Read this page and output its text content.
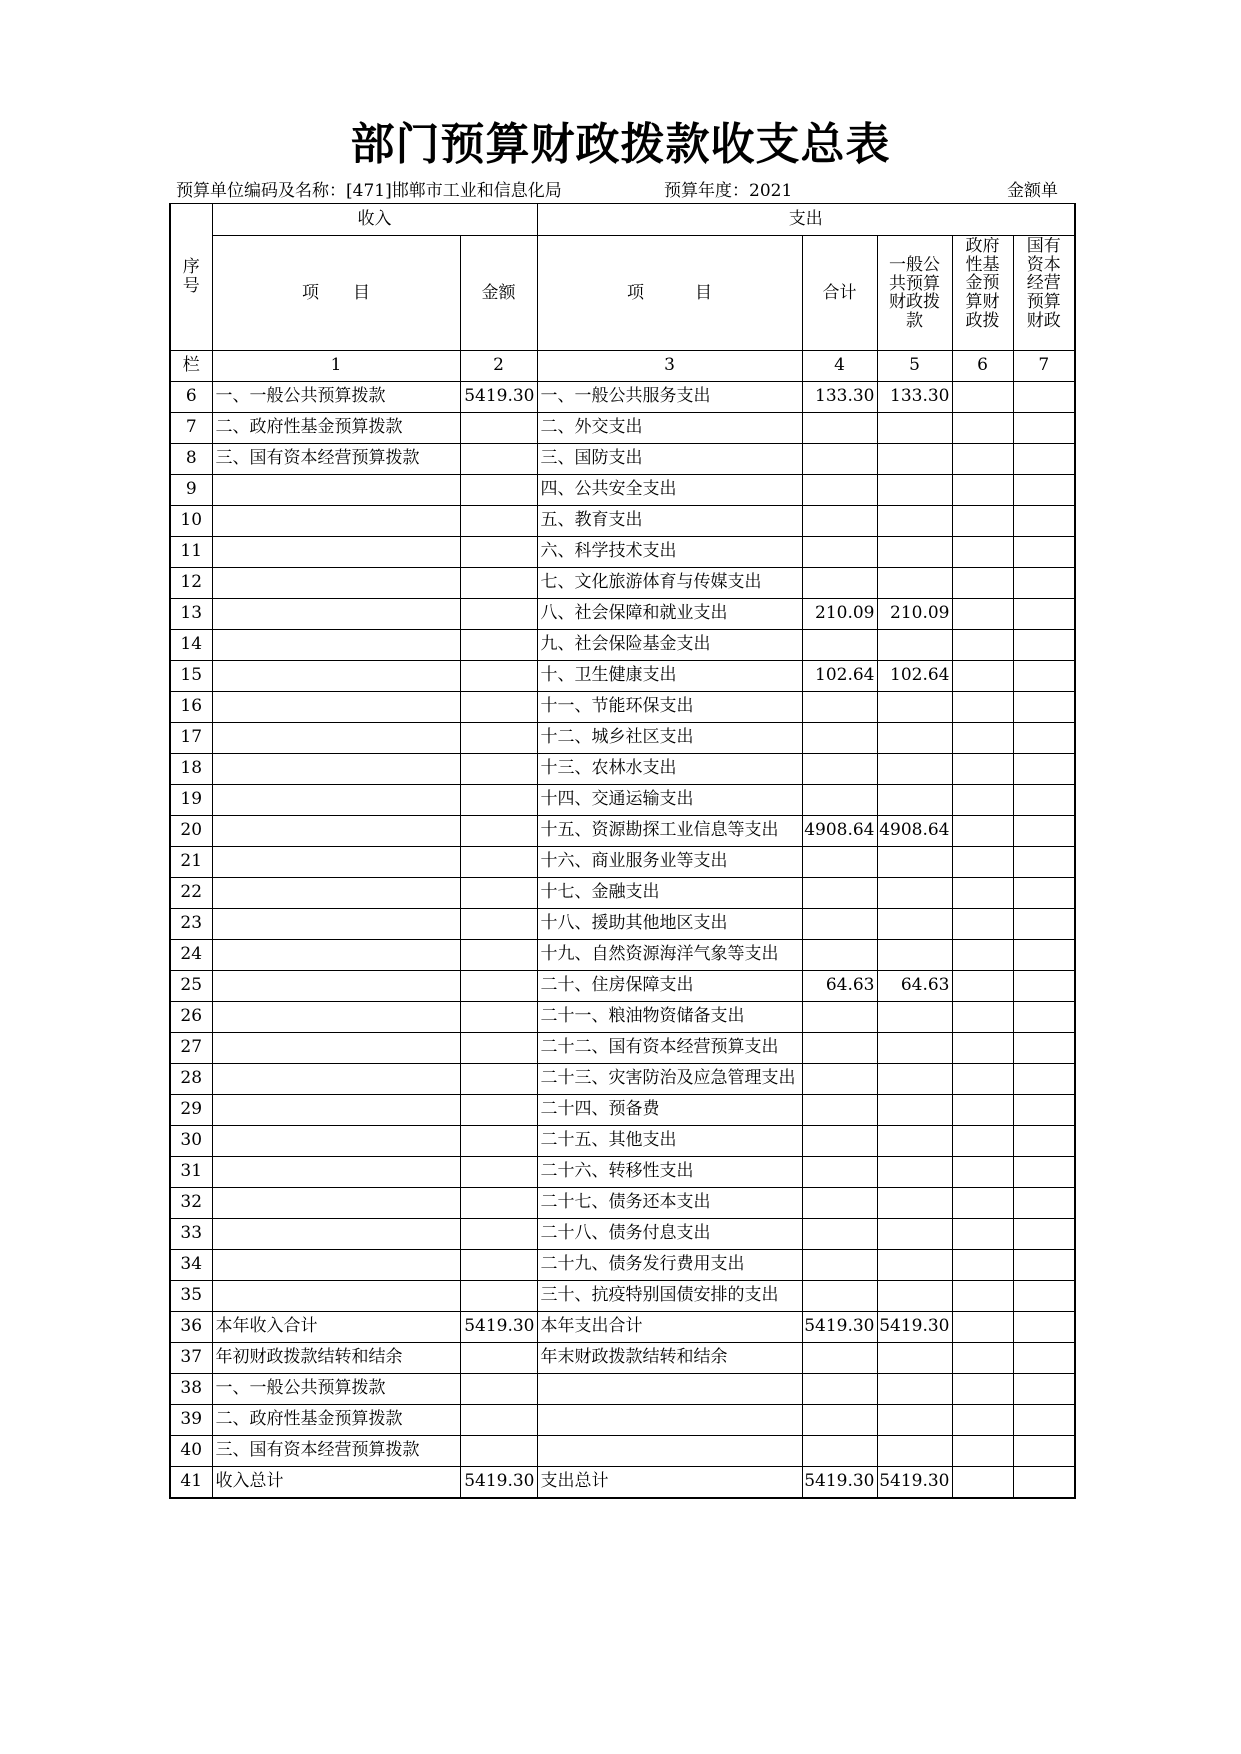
部门预算财政拨款收支总表
预算单位编码及名称：[471]邯郸市工业和信息化局	预算年度：2021	金额单
序号	收入		支出				
	项　　目	金额	项　　　目	合计	一般公共预算财政拨款	政府性基金预算财政拨	国有资本经营预算财政
栏	1	2	3	4	5	6	7
6	一、一般公共预算拨款	5419.30	一、一般公共服务支出	133.30	133.30		
7	二、政府性基金预算拨款		二、外交支出				
8	三、国有资本经营预算拨款		三、国防支出				
9			四、公共安全支出				
10			五、教育支出				
11			六、科学技术支出				
12			七、文化旅游体育与传媒支出				
13			八、社会保障和就业支出	210.09	210.09		
14			九、社会保险基金支出				
15			十、卫生健康支出	102.64	102.64		
16			十一、节能环保支出				
17			十二、城乡社区支出				
18			十三、农林水支出				
19			十四、交通运输支出				
20			十五、资源勘探工业信息等支出	4908.64	4908.64		
21			十六、商业服务业等支出				
22			十七、金融支出				
23			十八、援助其他地区支出				
24			十九、自然资源海洋气象等支出				
25			二十、住房保障支出	64.63	64.63		
26			二十一、粮油物资储备支出				
27			二十二、国有资本经营预算支出				
28			二十三、灾害防治及应急管理支出				
29			二十四、预备费				
30			二十五、其他支出				
31			二十六、转移性支出				
32			二十七、债务还本支出				
33			二十八、债务付息支出				
34			二十九、债务发行费用支出				
35			三十、抗疫特别国债安排的支出				
36	本年收入合计	5419.30	本年支出合计	5419.30	5419.30		
37	年初财政拨款结转和结余		年末财政拨款结转和结余				
38	一、一般公共预算拨款						
39	二、政府性基金预算拨款						
40	三、国有资本经营预算拨款						
41	收入总计	5419.30	支出总计	5419.30	5419.30		
